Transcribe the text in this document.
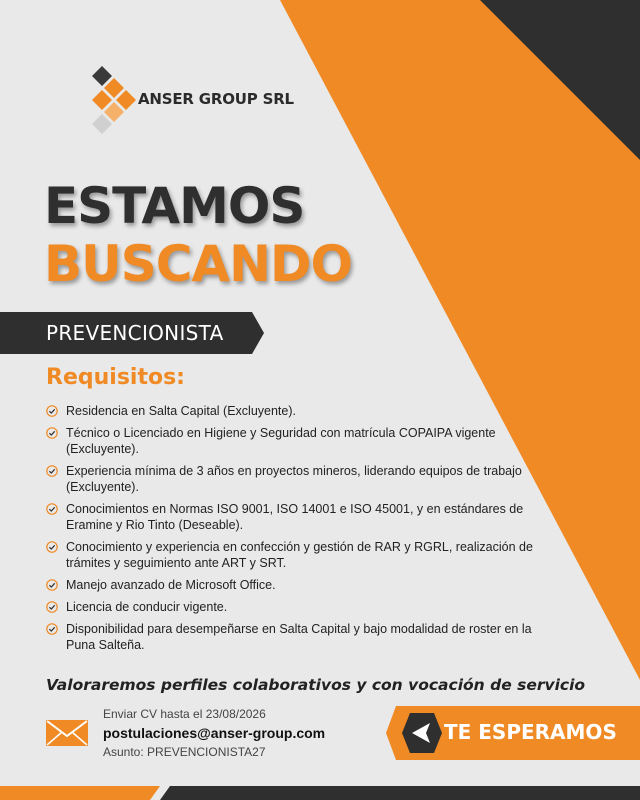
ANSER GROUP SRL
ESTAMOS
BUSCANDO
PREVENCIONISTA
Requisitos:
Residencia en Salta Capital (Excluyente).
Técnico o Licenciado en Higiene y Seguridad con matrícula COPAIPA vigente (Excluyente).
Experiencia mínima de 3 años en proyectos mineros, liderando equipos de trabajo (Excluyente).
Conocimientos en Normas ISO 9001, ISO 14001 e ISO 45001, y en estándares de Eramine y Rio Tinto (Deseable).
Conocimiento y experiencia en confección y gestión de RAR y RGRL, realización de trámites y seguimiento ante ART y SRT.
Manejo avanzado de Microsoft Office.
Licencia de conducir vigente.
Disponibilidad para desempeñarse en Salta Capital y bajo modalidad de roster en la Puna Salteña.
Valoraremos perfiles colaborativos y con vocación de servicio
Enviar CV hasta el 23/08/2026
postulaciones@anser-group.com
Asunto: PREVENCIONISTA27
TE ESPERAMOS
